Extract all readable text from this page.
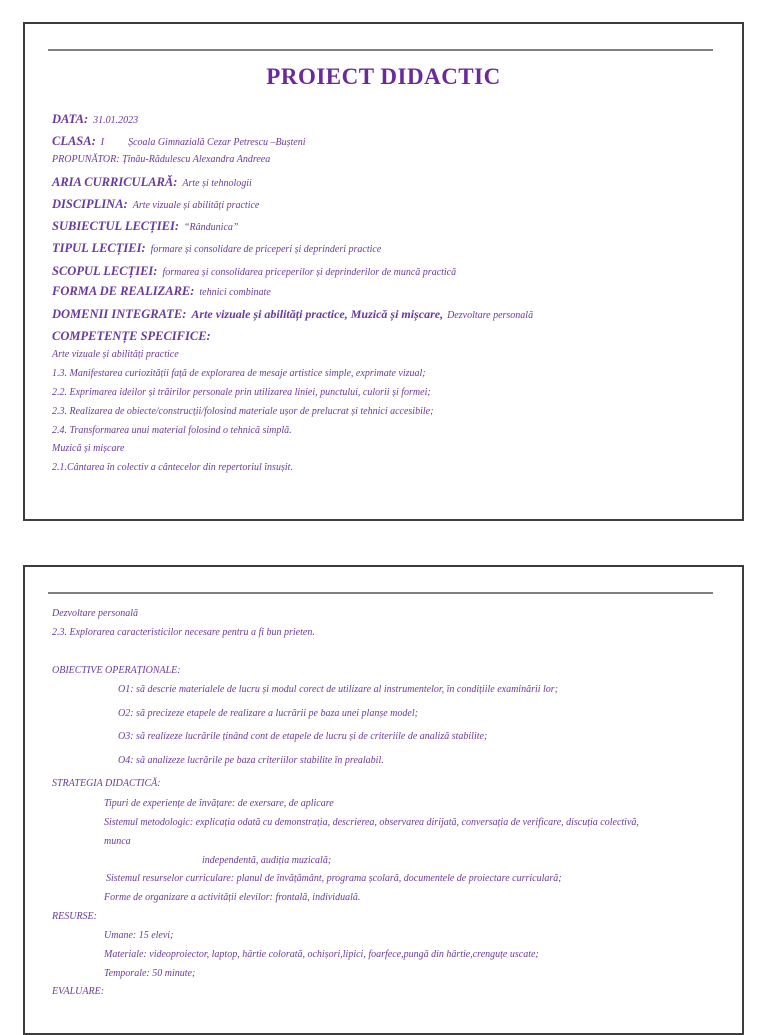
PROIECT DIDACTIC
DATA: 31.01.2023
CLASA: I Școala Gimnazială Cezar Petrescu –Bușteni
PROPUNĂTOR: Țînău-Rădulescu Alexandra Andreea
ARIA CURRICULARĂ: Arte și tehnologii
DISCIPLINA: Arte vizuale și abilități practice
SUBIECTUL LECȚIEI: “Rândunica”
TIPUL LECȚIEI: formare și consolidare de priceperi și deprinderi practice
SCOPUL LECȚIEI: formarea și consolidarea priceperilor și deprinderilor de muncă practică
FORMA DE REALIZARE: tehnici combinate
DOMENII INTEGRATE: Arte vizuale și abilități practice, Muzică și mișcare, Dezvoltare personală
COMPETENȚE SPECIFICE:
Arte vizuale și abilități practice
1.3. Manifestarea curiozității față de explorarea de mesaje artistice simple, exprimate vizual;
2.2. Exprimarea ideilor și trăirilor personale prin utilizarea liniei, punctului, culorii și formei;
2.3. Realizarea de obiecte/construcții/folosind materiale ușor de prelucrat și tehnici accesibile;
2.4. Transformarea unui material folosind o tehnică simplă.
Muzică și mișcare
2.1.Cântarea în colectiv a cântecelor din repertoriul însușit.
Dezvoltare personală
2.3. Explorarea caracteristicilor necesare pentru a fi bun prieten.
OBIECTIVE OPERAȚIONALE:
O1: să descrie materialele de lucru și modul corect de utilizare al instrumentelor, în condițiile examinării lor;
O2: să precizeze etapele de realizare a lucrării pe baza unei planșe model;
O3: să realizeze lucrările ținând cont de etapele de lucru și de criteriile de analiză stabilite;
O4: să analizeze lucrările pe baza criteriilor stabilite în prealabil.
STRATEGIA DIDACTICĂ:
Tipuri de experiențe de învățare: de exersare, de aplicare
Sistemul metodologic: explicația odată cu demonstrația, descrierea, observarea dirijată, conversația de verificare, discuția colectivă,
munca
independentă, audiția muzicală;
Sistemul resurselor curriculare: planul de învățământ, programa școlară, documentele de proiectare curriculară;
Forme de organizare a activității elevilor: frontală, individuală.
RESURSE:
Umane: 15 elevi;
Materiale: videoproiector, laptop, hârtie colorată, ochișori,lipici, foarfece,pungă din hârtie,crenguțe uscate;
Temporale: 50 minute;
EVALUARE:
